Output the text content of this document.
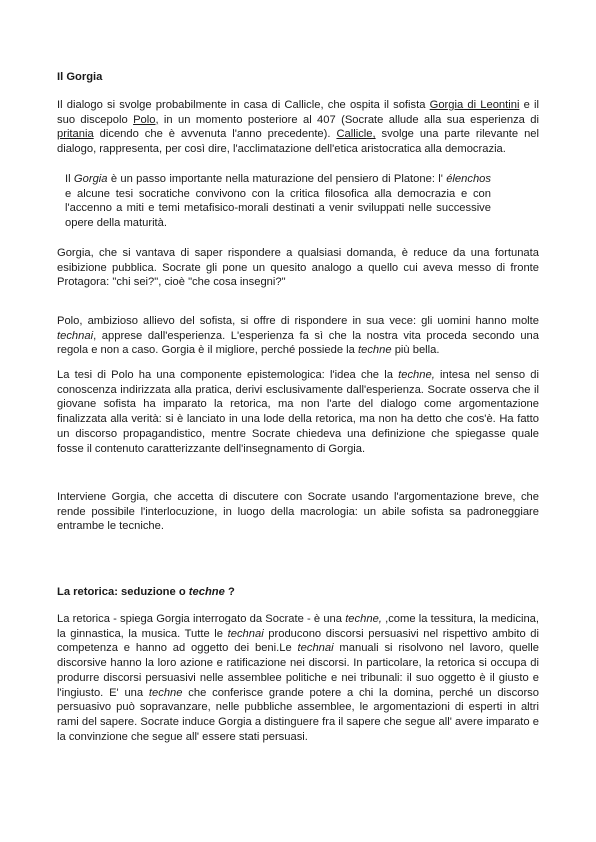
Il Gorgia

Il dialogo si svolge probabilmente in casa di Callicle, che ospita il sofista Gorgia di Leontini e il suo discepolo Polo, in un momento posteriore al 407 (Socrate allude alla sua esperienza di pritania dicendo che è avvenuta l'anno precedente). Callicle, svolge una parte rilevante nel dialogo, rappresenta, per così dire, l'acclimatazione dell'etica aristocratica alla democrazia.

Il Gorgia è un passo importante nella maturazione del pensiero di Platone: l' élenchos e alcune tesi socratiche convivono con la critica filosofica alla democrazia e con l'accenno a miti e temi metafisico-morali destinati a venir sviluppati nelle successive opere della maturità.

Gorgia, che si vantava di saper rispondere a qualsiasi domanda, è reduce da una fortunata esibizione pubblica. Socrate gli pone un quesito analogo a quello cui aveva messo di fronte Protagora: "chi sei?", cioè "che cosa insegni?"

Polo, ambizioso allievo del sofista, si offre di rispondere in sua vece: gli uomini hanno molte technai, apprese dall'esperienza. L'esperienza fa sì che la nostra vita proceda secondo una regola e non a caso. Gorgia è il migliore, perché possiede la techne più bella.

La tesi di Polo ha una componente epistemologica: l'idea che la techne, intesa nel senso di conoscenza indirizzata alla pratica, derivi esclusivamente dall'esperienza. Socrate osserva che il giovane sofista ha imparato la retorica, ma non l'arte del dialogo come argomentazione finalizzata alla verità: si è lanciato in una lode della retorica, ma non ha detto che cos'è. Ha fatto un discorso propagandistico, mentre Socrate chiedeva una definizione che spiegasse quale fosse il contenuto caratterizzante dell'insegnamento di Gorgia.

Interviene Gorgia, che accetta di discutere con Socrate usando l'argomentazione breve, che rende possibile l'interlocuzione, in luogo della macrologia: un abile sofista sa padroneggiare entrambe le tecniche.

La retorica: seduzione o techne ?

La retorica - spiega Gorgia interrogato da Socrate - è una techne, ,come la tessitura, la medicina, la ginnastica, la musica. Tutte le technai producono discorsi persuasivi nel rispettivo ambito di competenza e hanno ad oggetto dei beni.Le technai manuali si risolvono nel lavoro, quelle discorsive hanno la loro azione e ratificazione nei discorsi. In particolare, la retorica si occupa di produrre discorsi persuasivi nelle assemblee politiche e nei tribunali: il suo oggetto è il giusto e l'ingiusto. E' una techne che conferisce grande potere a chi la domina, perché un discorso persuasivo può sopravanzare, nelle pubbliche assemblee, le argomentazioni di esperti in altri rami del sapere. Socrate induce Gorgia a distinguere fra il sapere che segue all' avere imparato e la convinzione che segue all' essere stati persuasi.
